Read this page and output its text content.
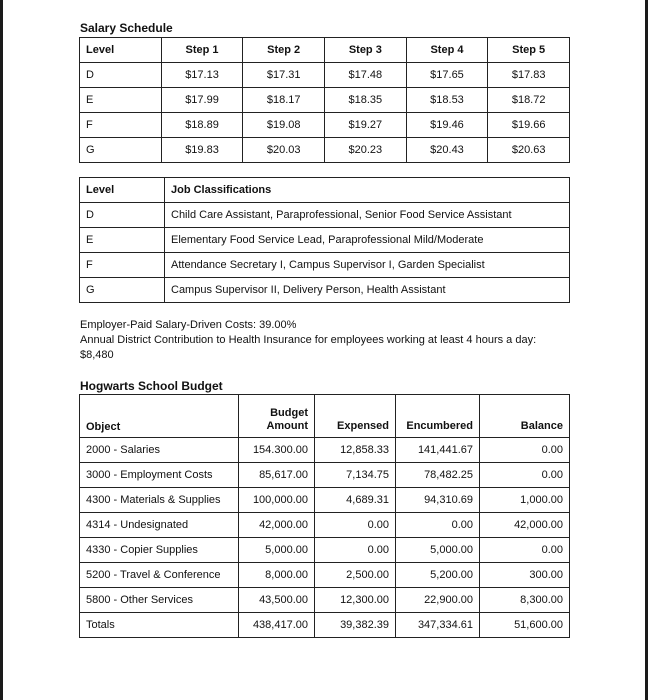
Salary Schedule
Level	Step 1	Step 2	Step 3	Step 4	Step 5
D	$17.13	$17.31	$17.48	$17.65	$17.83
E	$17.99	$18.17	$18.35	$18.53	$18.72
F	$18.89	$19.08	$19.27	$19.46	$19.66
G	$19.83	$20.03	$20.23	$20.43	$20.63
Level	Job Classifications
D	Child Care Assistant, Paraprofessional, Senior Food Service Assistant
E	Elementary Food Service Lead, Paraprofessional Mild/Moderate
F	Attendance Secretary I, Campus Supervisor I, Garden Specialist
G	Campus Supervisor II, Delivery Person, Health Assistant
Employer-Paid Salary-Driven Costs: 39.00%
Annual District Contribution to Health Insurance for employees working at least 4 hours a day: $8,480
Hogwarts School Budget
Object	Budget Amount	Expensed	Encumbered	Balance
2000 - Salaries	154.300.00	12,858.33	141,441.67	0.00
3000 - Employment Costs	85,617.00	7,134.75	78,482.25	0.00
4300 - Materials & Supplies	100,000.00	4,689.31	94,310.69	1,000.00
4314 - Undesignated	42,000.00	0.00	0.00	42,000.00
4330 - Copier Supplies	5,000.00	0.00	5,000.00	0.00
5200 - Travel & Conference	8,000.00	2,500.00	5,200.00	300.00
5800 - Other Services	43,500.00	12,300.00	22,900.00	8,300.00
Totals	438,417.00	39,382.39	347,334.61	51,600.00
